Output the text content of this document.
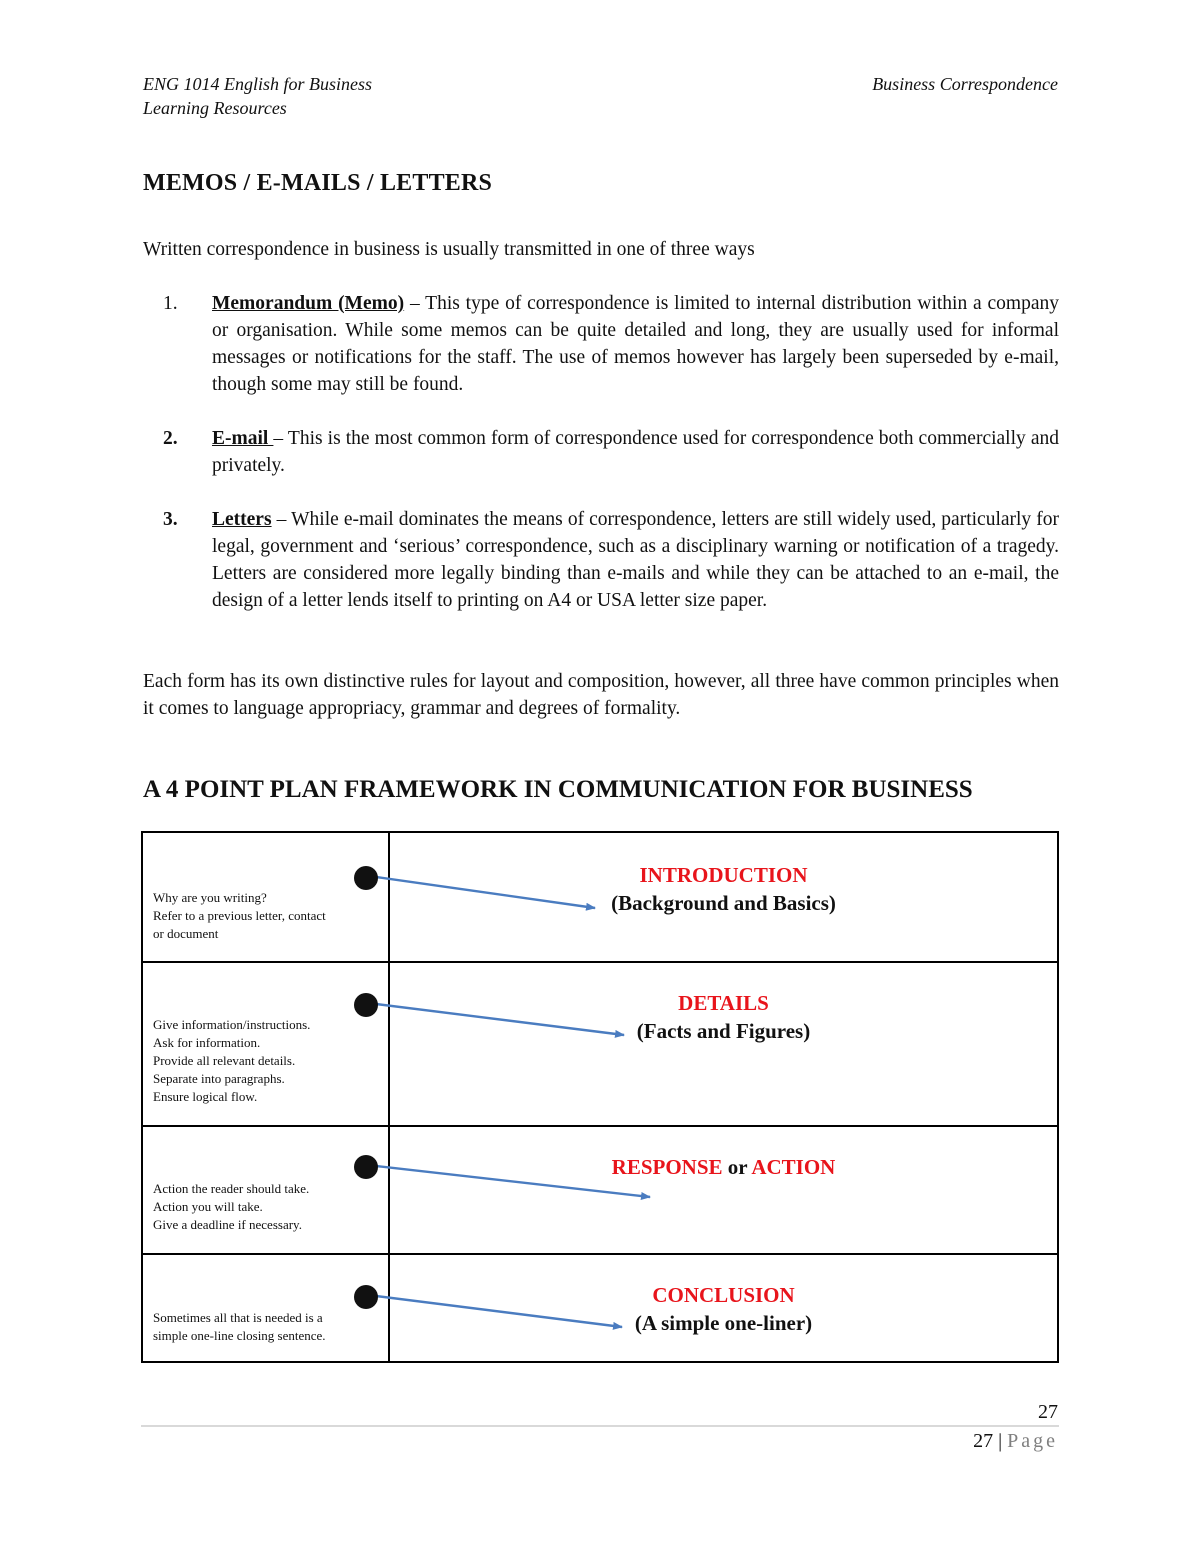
ENG 1014 English for Business
Learning Resources
Business Correspondence
MEMOS / E-MAILS / LETTERS

Written correspondence in business is usually transmitted in one of three ways

1. Memorandum (Memo) – This type of correspondence is limited to internal distribution within a company or organisation. While some memos can be quite detailed and long, they are usually used for informal messages or notifications for the staff. The use of memos however has largely been superseded by e-mail, though some may still be found.
2. E-mail – This is the most common form of correspondence used for correspondence both commercially and privately.
3. Letters – While e-mail dominates the means of correspondence, letters are still widely used, particularly for legal, government and ‘serious’ correspondence, such as a disciplinary warning or notification of a tragedy. Letters are considered more legally binding than e-mails and while they can be attached to an e-mail, the design of a letter lends itself to printing on A4 or USA letter size paper.

Each form has its own distinctive rules for layout and composition, however, all three have common principles when it comes to language appropriacy, grammar and degrees of formality.

A 4 POINT PLAN FRAMEWORK IN COMMUNICATION FOR BUSINESS
Why are you writing?
Refer to a previous letter, contact
or document
INTRODUCTION
(Background and Basics)
Give information/instructions.
Ask for information.
Provide all relevant details.
Separate into paragraphs.
Ensure logical flow.
DETAILS
(Facts and Figures)
Action the reader should take.
Action you will take.
Give a deadline if necessary.
RESPONSE or ACTION
Sometimes all that is needed is a
simple one-line closing sentence.
CONCLUSION
(A simple one-liner)
27
27 | Page
